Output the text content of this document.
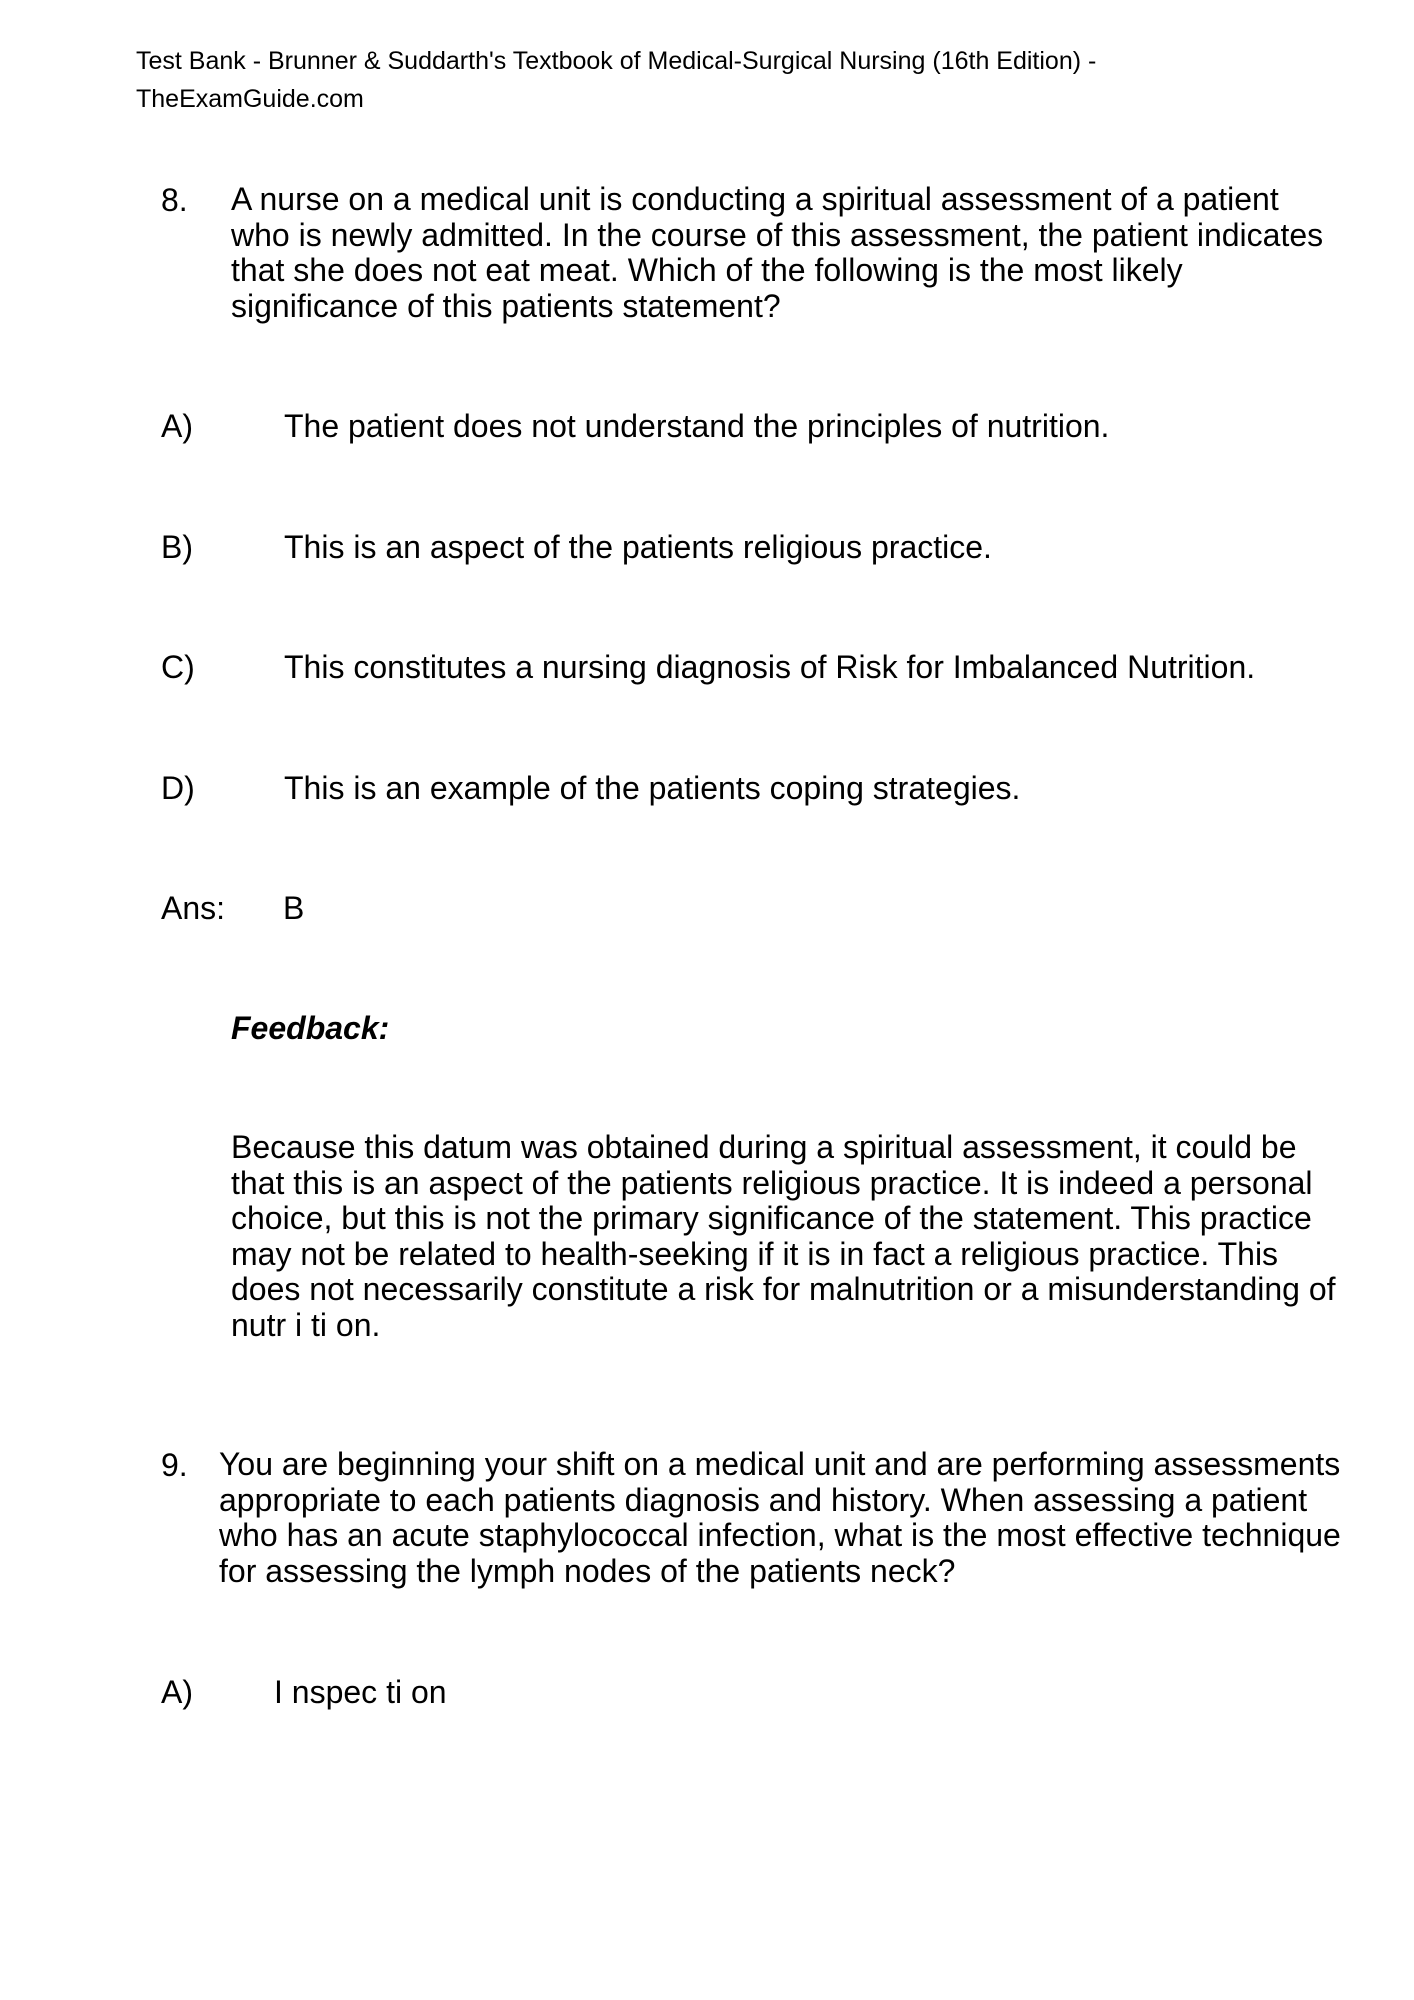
Test Bank - Brunner & Suddarth's Textbook of Medical-Surgical Nursing (16th Edition) -
TheExamGuide.com
8. A nurse on a medical unit is conducting a spiritual assessment of a patient
who is newly admitted. In the course of this assessment, the patient indicates
that she does not eat meat. Which of the following is the most likely
significance of this patients statement?
A)	The patient does not understand the principles of nutrition.
B)	This is an aspect of the patients religious practice.
C)	This constitutes a nursing diagnosis of Risk for Imbalanced Nutrition.
D)	This is an example of the patients coping strategies.
Ans: B
Feedback:
Because this datum was obtained during a spiritual assessment, it could be
that this is an aspect of the patients religious practice. It is indeed a personal
choice, but this is not the primary significance of the statement. This practice
may not be related to health-seeking if it is in fact a religious practice. This
does not necessarily constitute a risk for malnutrition or a misunderstanding of
nutr i ti on.
9. You are beginning your shift on a medical unit and are performing assessments
appropriate to each patients diagnosis and history. When assessing a patient
who has an acute staphylococcal infection, what is the most effective technique
for assessing the lymph nodes of the patients neck?
A)	I nspec ti on
